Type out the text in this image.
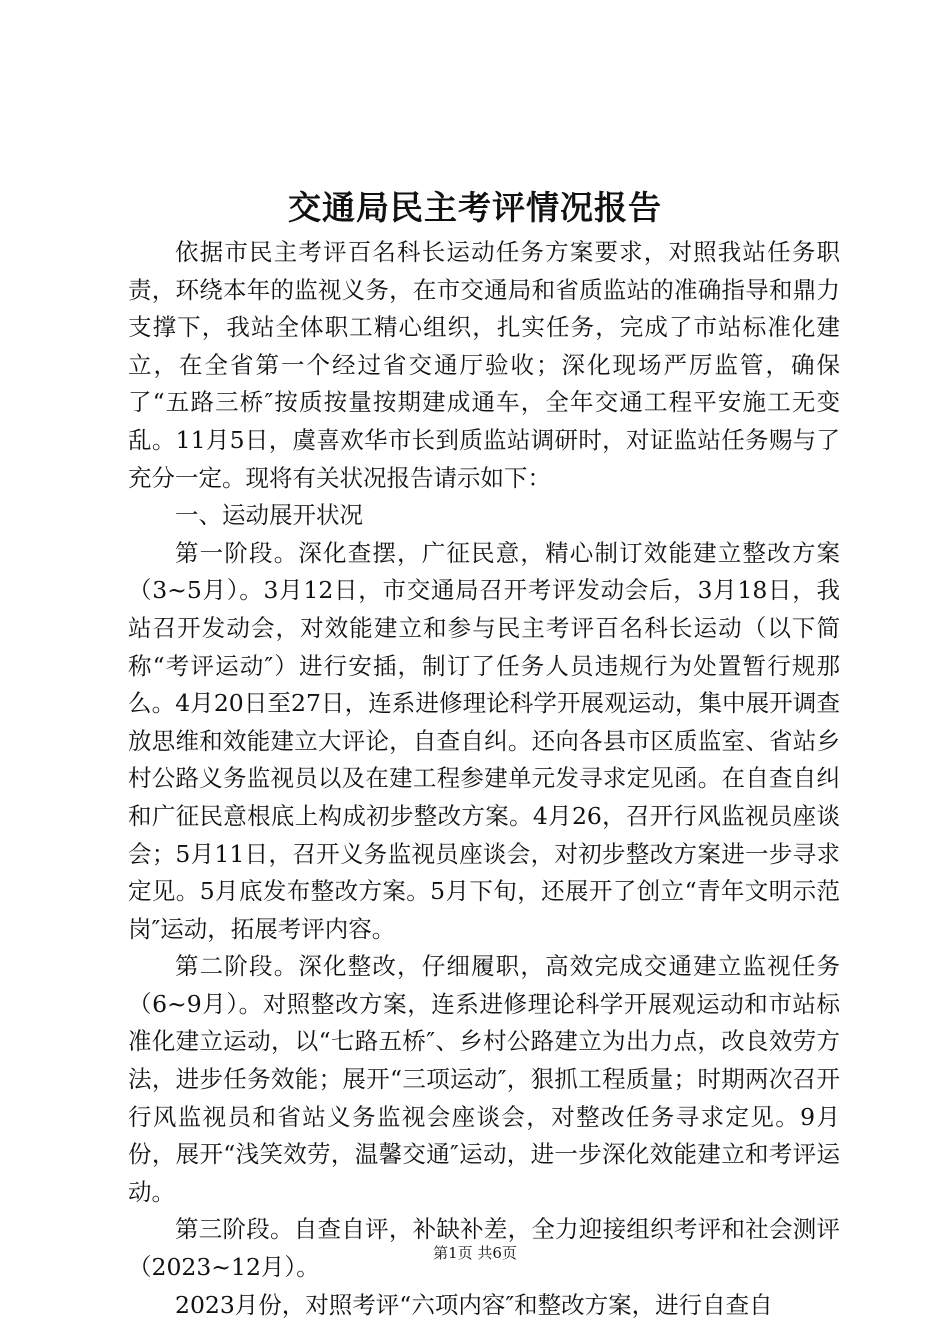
交通局民主考评情况报告

依据市民主考评百名科长运动任务方案要求，对照我站任务职责，环绕本年的监视义务，在市交通局和省质监站的准确指导和鼎力支撑下，我站全体职工精心组织，扎实任务，完成了市站标准化建立，在全省第一个经过省交通厅验收；深化现场严厉监管，确保了“五路三桥″按质按量按期建成通车，全年交通工程平安施工无变乱。11月5日，虞喜欢华市长到质监站调研时，对证监站任务赐与了充分一定。现将有关状况报告请示如下：

一、运动展开状况

第一阶段。深化查摆，广征民意，精心制订效能建立整改方案（3~5月）。3月12日，市交通局召开考评发动会后，3月18日，我站召开发动会，对效能建立和参与民主考评百名科长运动（以下简称“考评运动″）进行安插，制订了任务人员违规行为处置暂行规那么。4月20日至27日，连系进修理论科学开展观运动，集中展开调查放思维和效能建立大评论，自查自纠。还向各县市区质监室、省站乡村公路义务监视员以及在建工程参建单元发寻求定见函。在自查自纠和广征民意根底上构成初步整改方案。4月26，召开行风监视员座谈会；5月11日，召开义务监视员座谈会，对初步整改方案进一步寻求定见。5月底发布整改方案。5月下旬，还展开了创立“青年文明示范岗″运动，拓展考评内容。

第二阶段。深化整改，仔细履职，高效完成交通建立监视任务（6~9月）。对照整改方案，连系进修理论科学开展观运动和市站标准化建立运动，以“七路五桥″、乡村公路建立为出力点，改良效劳方法，进步任务效能；展开“三项运动″，狠抓工程质量；时期两次召开行风监视员和省站义务监视会座谈会，对整改任务寻求定见。9月份，展开“浅笑效劳，温馨交通″运动，进一步深化效能建立和考评运动。

第三阶段。自查自评，补缺补差，全力迎接组织考评和社会测评（2023~12月）。

2023月份，对照考评“六项内容″和整改方案，进行自查自

第1页 共6页
